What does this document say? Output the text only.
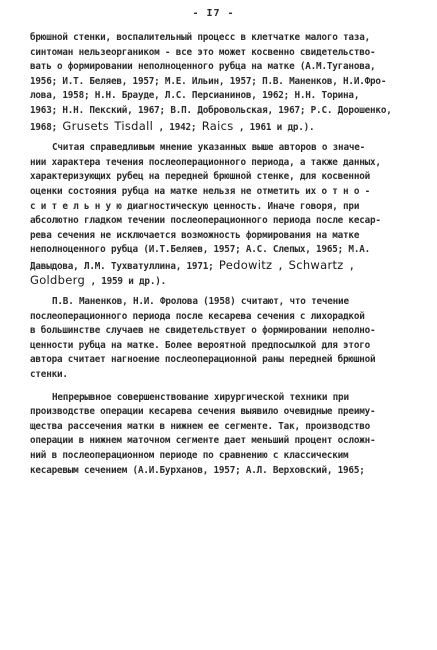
- I7 -
брюшной стенки, воспалительный процесс в клетчатке малого таза,
синтоман нельзеоргаником - все это может косвенно свидетельство-
вать о формировании неполноценного рубца на матке (А.М.Туганова,
1956; И.Т. Беляев, 1957; М.Е. Ильин, 1957; П.В. Маненков, Н.И.Фро-
лова, 1958; Н.Н. Брауде, Л.С. Персианинов, 1962; Н.Н. Торина,
1963; Н.Н. Пекский, 1967; В.П. Добровольская, 1967; Р.С. Дорошенко,
1968; Grusets Tisdall , 1942; Raics , 1961 и др.).
Считая справедливым мнение указанных выше авторов о значе-
нии характера течения послеоперационного периода, а также данных,
характеризующих рубец на передней брюшной стенке, для косвенной
оценки состояния рубца на матке нельзя не отметить их о т н о -
с и т е л ь н у ю диагностическую ценность. Иначе говоря, при
абсолютно гладком течении послеоперационного периода после кесар-
рева сечения не исключается возможность формирования на матке
неполноценного рубца (И.Т.Беляев, 1957; А.С. Слепых, 1965; М.А.
Давыдова, Л.М. Тухватуллина, 1971; Pedowitz , Schwartz ,
Goldberg , 1959 и др.).
П.В. Маненков, Н.И. Фролова (1958) считают, что течение
послеоперационного периода после кесарева сечения с лихорадкой
в большинстве случаев не свидетельствует о формировании неполно-
ценности рубца на матке. Более вероятной предпосылкой для этого
автора считает нагноение послеоперационной раны передней брюшной
стенки.
Непрерывное совершенствование хирургической техники при
производстве операции кесарева сечения выявило очевидные преиму-
щества рассечения матки в нижнем ее сегменте. Так, производство
операции в нижнем маточном сегменте дает меньший процент осложн-
ний в послеоперационном периоде по сравнению с классическим
кесаревым сечением (А.И.Бурханов, 1957; А.Л. Верховский, 1965;
